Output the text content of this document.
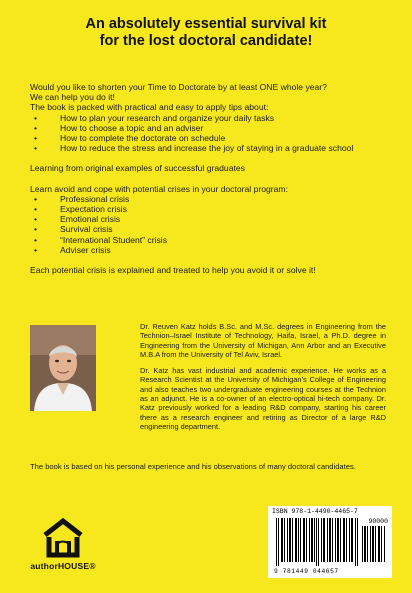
An absolutely essential survival kit
for the lost doctoral candidate!

Would you like to shorten your Time to Doctorate by at least ONE whole year?

We can help you do it!

The book is packed with practical and easy to apply tips about:

• How to plan your research and organize your daily tasks
• How to choose a topic and an adviser
• How to complete the doctorate on schedule
• How to reduce the stress and increase the joy of staying in a graduate school

Learning from original examples of successful graduates

Learn avoid and cope with potential crises in your doctoral program:

• Professional crisis
• Expectation crisis
• Emotional crisis
• Survival crisis
• “International Student” crisis
• Adviser crisis

Each potential crisis is explained and treated to help you avoid it or solve it!

Dr. Reuven Katz holds B.Sc. and M.Sc. degrees in Engineering from the Technion–Israel Institute of Technology, Haifa, Israel, a Ph.D. degree in Engineering from the University of Michigan, Ann Arbor and an Executive M.B.A from the University of Tel Aviv, Israel.

Dr. Katz has vast industrial and academic experience. He works as a Research Scientist at the University of Michigan’s College of Engineering and also teaches two undergraduate engineering courses at the Technion as an adjunct. He is a co-owner of an electro-optical hi-tech company. Dr. Katz previously worked for a leading R&D company, starting his career there as a research engineer and retiring as Director of a large R&D engineering department.

The book is based on his personal experience and his observations of many doctoral candidates.
authorHOUSE®
ISBN 978-1-4490-4465-7
90000
9 781449 044657
